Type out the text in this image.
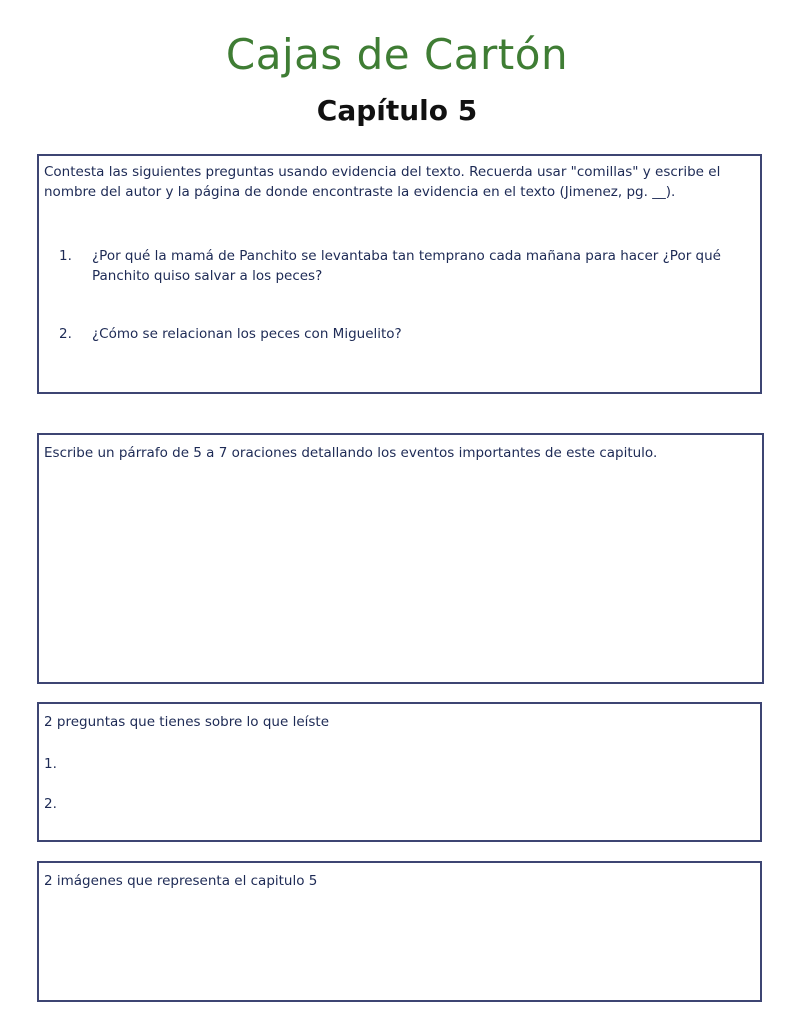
Cajas de Cartón
Capítulo 5
Contesta las siguientes preguntas usando evidencia del texto. Recuerda usar "comillas" y escribe el nombre del autor y la página de donde encontraste la evidencia en el texto (Jimenez, pg. __).
1.	¿Por qué la mamá de Panchito se levantaba tan temprano cada mañana para hacer ¿Por qué Panchito quiso salvar a los peces?
2.	¿Cómo se relacionan los peces con Miguelito?
Escribe un párrafo de 5 a 7 oraciones detallando los eventos importantes de este capitulo.
2 preguntas que tienes sobre lo que leíste
1.
2.
2 imágenes que representa el capitulo 5
